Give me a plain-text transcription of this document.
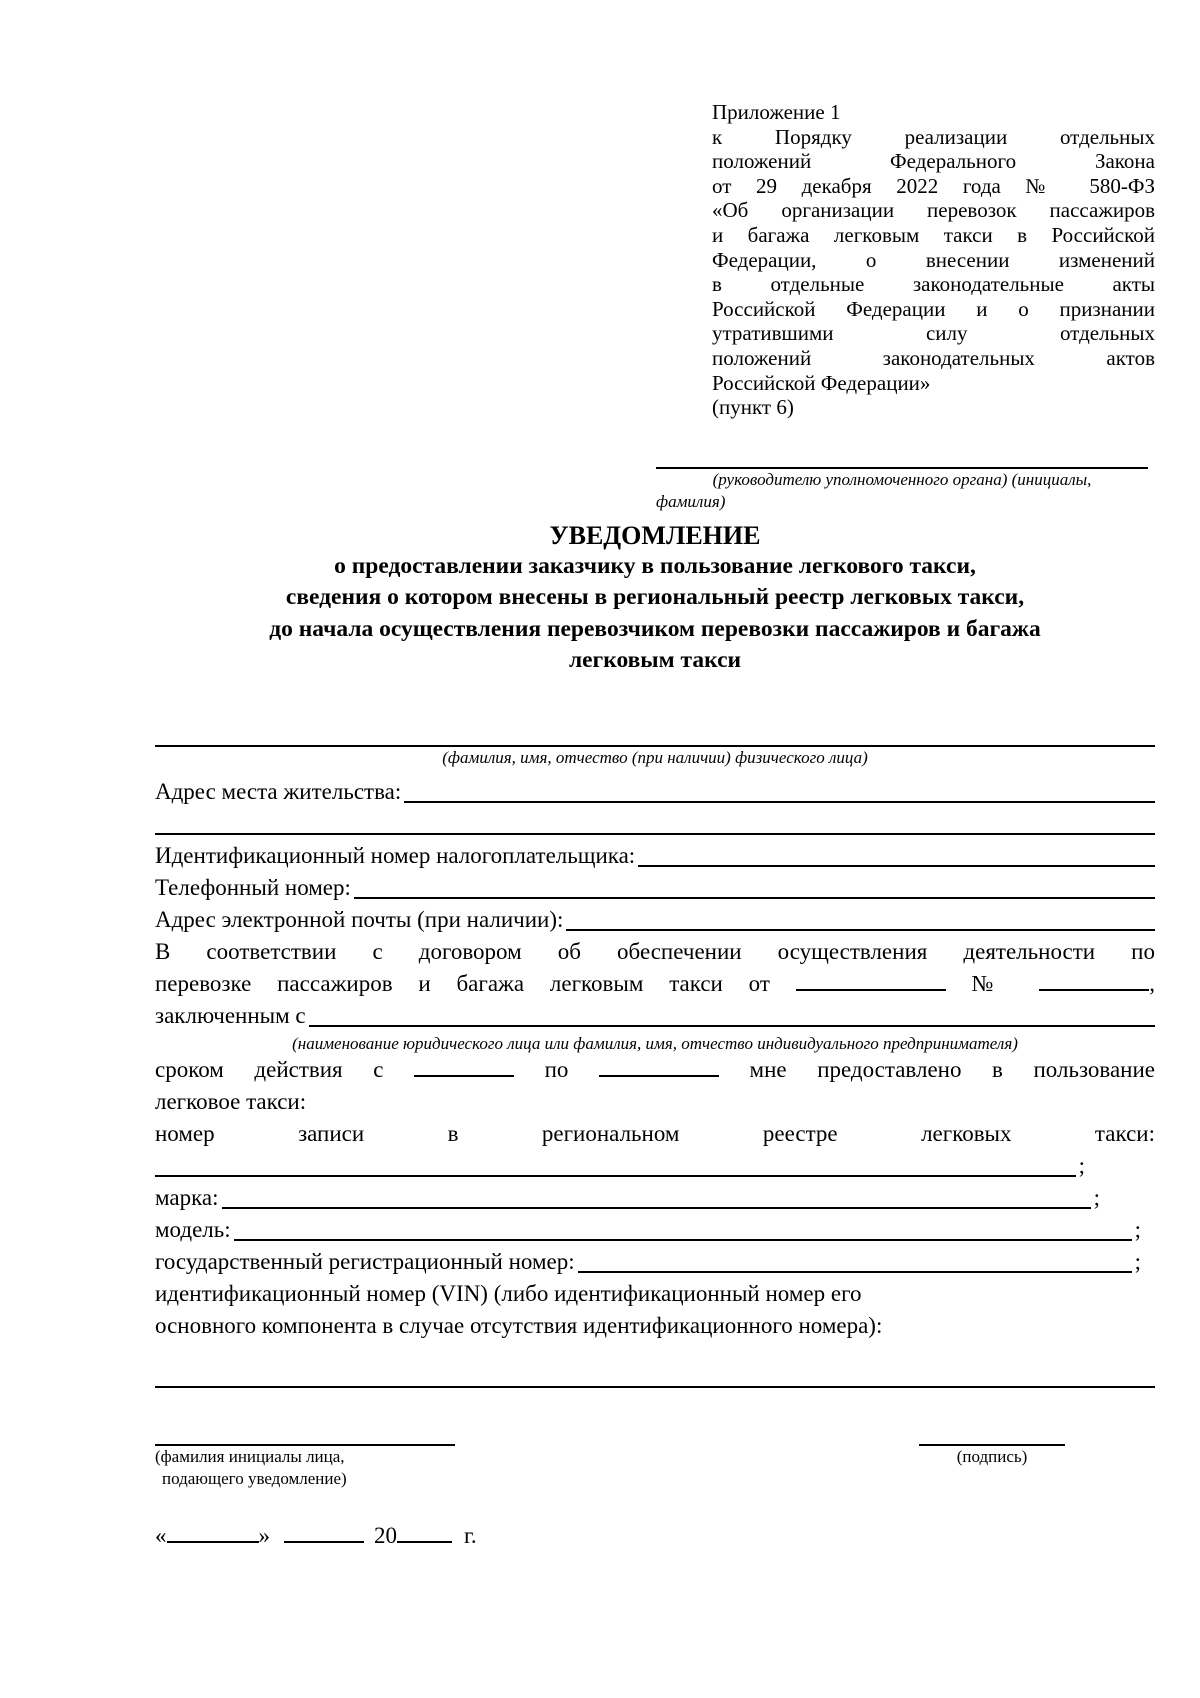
Приложение 1
к Порядку реализации отдельных
положений Федерального Закона
от 29 декабря 2022 года № 580-ФЗ
«Об организации перевозок пассажиров
и багажа легковым такси в Российской
Федерации, о внесении изменений
в отдельные законодательные акты
Российской Федерации и о признании
утратившими силу отдельных
положений законодательных актов
Российской Федерации»
(пункт 6)
(руководителю уполномоченного органа) (инициалы,
фамилия)
УВЕДОМЛЕНИЕ
о предоставлении заказчику в пользование легкового такси,
сведения о котором внесены в региональный реестр легковых такси,
до начала осуществления перевозчиком перевозки пассажиров и багажа
легковым такси
(фамилия, имя, отчество (при наличии) физического лица)
Адрес места жительства:
Идентификационный номер налогоплательщика:
Телефонный номер:
Адрес электронной почты (при наличии):
В соответствии с договором об обеспечении осуществления деятельности по
перевозке пассажиров и багажа легковым такси от	№	,
заключенным с
(наименование юридического лица или фамилия, имя, отчество индивидуального предпринимателя)
сроком действия с	по	мне предоставлено в пользование
легковое такси:
номер записи в региональном реестре легковых такси:
;
марка:	;
модель:	;
государственный регистрационный номер:	;
идентификационный номер (VIN) (либо идентификационный номер его
основного компонента в случае отсутствия идентификационного номера):
(фамилия инициалы лица,
подающего уведомление)
(подпись)
«	»	20	г.
